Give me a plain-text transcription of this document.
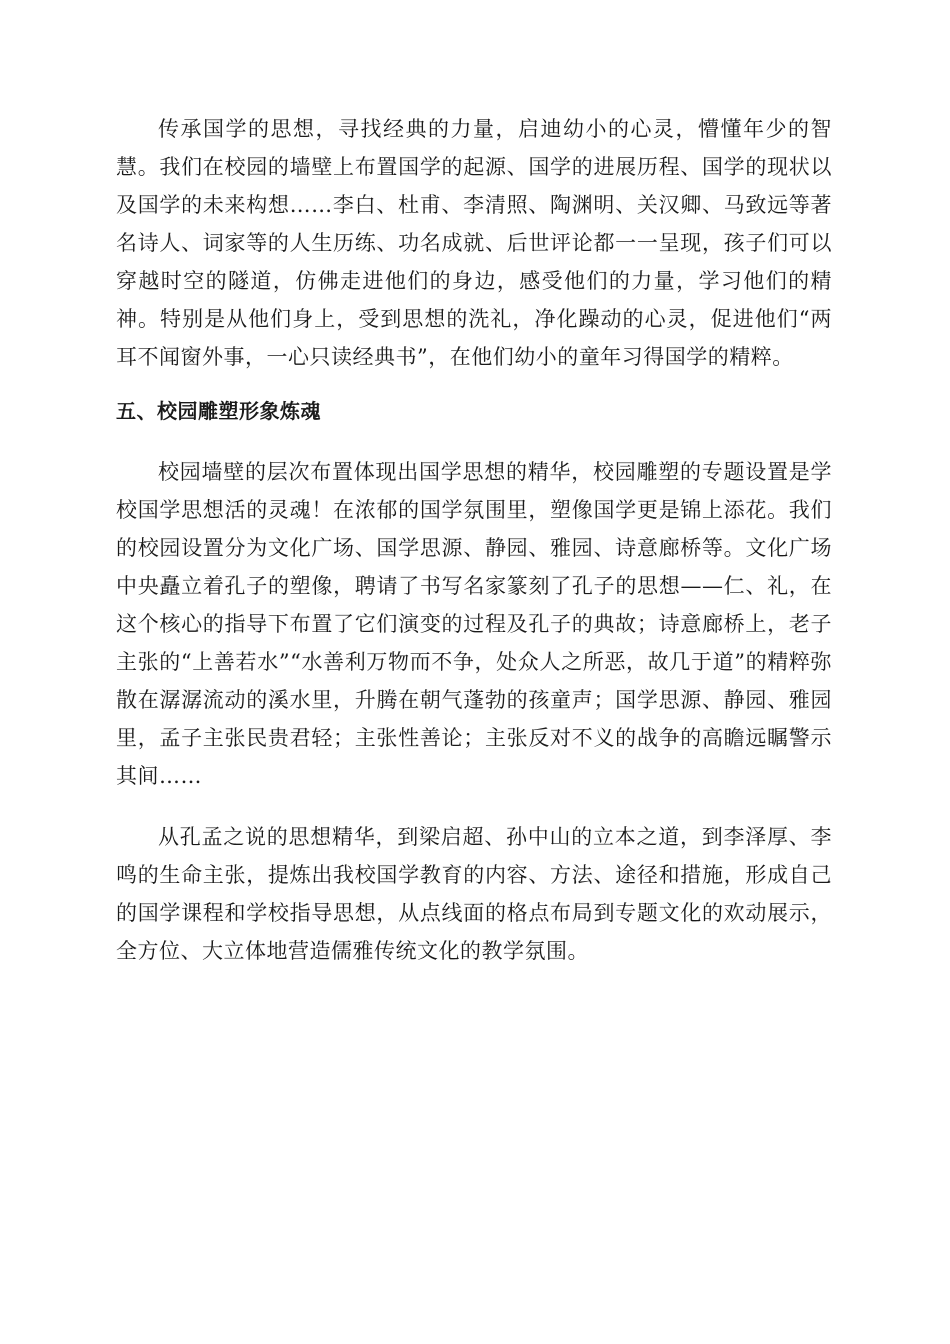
传承国学的思想，寻找经典的力量，启迪幼小的心灵，懵懂年少的智慧。我们在校园的墙壁上布置国学的起源、国学的进展历程、国学的现状以及国学的未来构想……李白、杜甫、李清照、陶渊明、关汉卿、马致远等著名诗人、词家等的人生历练、功名成就、后世评论都一一呈现，孩子们可以穿越时空的隧道，仿佛走进他们的身边，感受他们的力量，学习他们的精神。特别是从他们身上，受到思想的洗礼，净化躁动的心灵，促进他们“两耳不闻窗外事，一心只读经典书”，在他们幼小的童年习得国学的精粹。

五、校园雕塑形象炼魂

校园墙壁的层次布置体现出国学思想的精华，校园雕塑的专题设置是学校国学思想活的灵魂！在浓郁的国学氛围里，塑像国学更是锦上添花。我们的校园设置分为文化广场、国学思源、静园、雅园、诗意廊桥等。文化广场中央矗立着孔子的塑像，聘请了书写名家篆刻了孔子的思想——仁、礼，在这个核心的指导下布置了它们演变的过程及孔子的典故；诗意廊桥上，老子主张的“上善若水”“水善利万物而不争，处众人之所恶，故几于道”的精粹弥散在潺潺流动的溪水里，升腾在朝气蓬勃的孩童声；国学思源、静园、雅园里，孟子主张民贵君轻；主张性善论；主张反对不义的战争的高瞻远瞩警示其间……

从孔孟之说的思想精华，到梁启超、孙中山的立本之道，到李泽厚、李鸣的生命主张，提炼出我校国学教育的内容、方法、途径和措施，形成自己的国学课程和学校指导思想，从点线面的格点布局到专题文化的欢动展示，全方位、大立体地营造儒雅传统文化的教学氛围。
